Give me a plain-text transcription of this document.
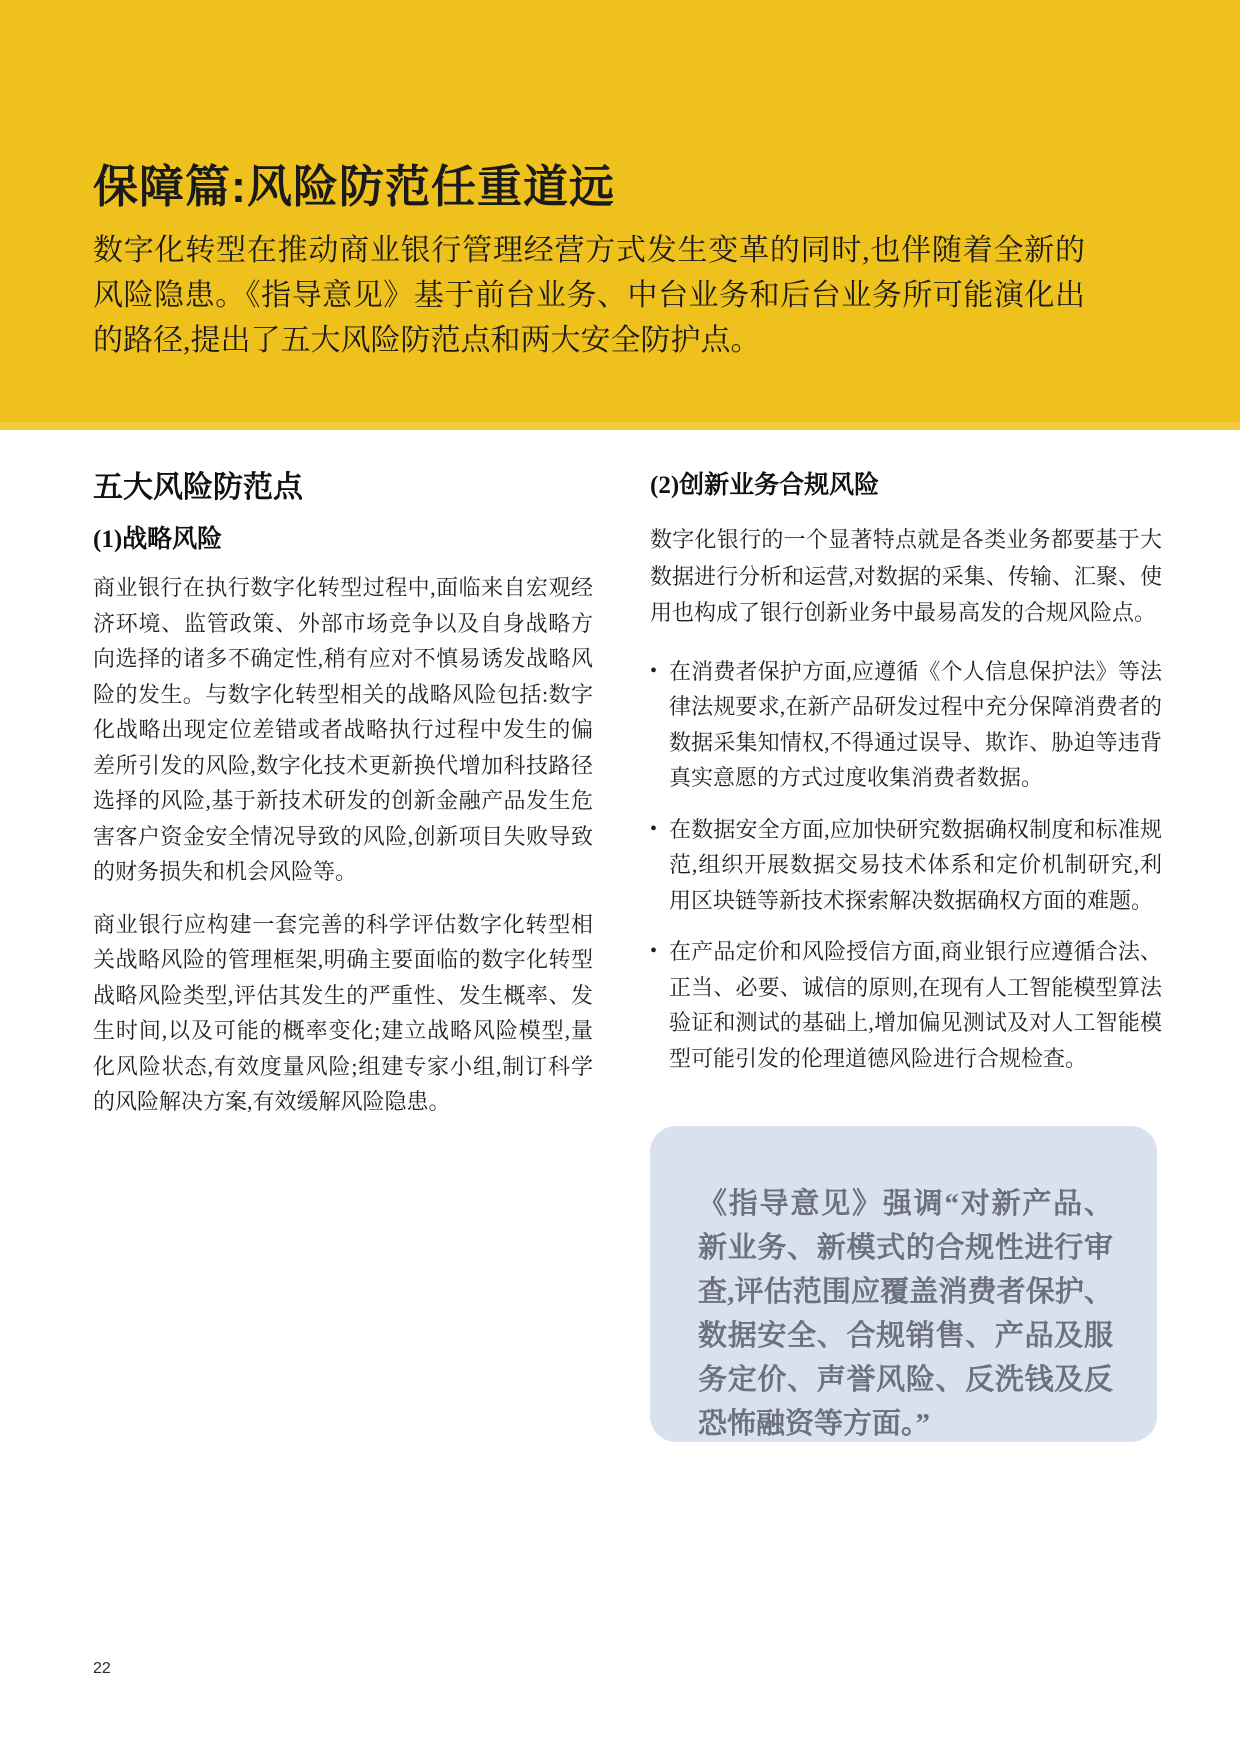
保障篇:风险防范任重道远

数字化转型在推动商业银行管理经营方式发生变革的同时,也伴随着全新的风险隐患。《指导意见》基于前台业务、中台业务和后台业务所可能演化出的路径,提出了五大风险防范点和两大安全防护点。

五大风险防范点
(1)战略风险

商业银行在执行数字化转型过程中,面临来自宏观经济环境、监管政策、外部市场竞争以及自身战略方向选择的诸多不确定性,稍有应对不慎易诱发战略风险的发生。与数字化转型相关的战略风险包括:数字化战略出现定位差错或者战略执行过程中发生的偏差所引发的风险,数字化技术更新换代增加科技路径选择的风险,基于新技术研发的创新金融产品发生危害客户资金安全情况导致的风险,创新项目失败导致的财务损失和机会风险等。

商业银行应构建一套完善的科学评估数字化转型相关战略风险的管理框架,明确主要面临的数字化转型战略风险类型,评估其发生的严重性、发生概率、发生时间,以及可能的概率变化;建立战略风险模型,量化风险状态,有效度量风险;组建专家小组,制订科学的风险解决方案,有效缓解风险隐患。

(2)创新业务合规风险

数字化银行的一个显著特点就是各类业务都要基于大数据进行分析和运营,对数据的采集、传输、汇聚、使用也构成了银行创新业务中最易高发的合规风险点。

• 在消费者保护方面,应遵循《个人信息保护法》等法律法规要求,在新产品研发过程中充分保障消费者的数据采集知情权,不得通过误导、欺诈、胁迫等违背真实意愿的方式过度收集消费者数据。
• 在数据安全方面,应加快研究数据确权制度和标准规范,组织开展数据交易技术体系和定价机制研究,利用区块链等新技术探索解决数据确权方面的难题。
• 在产品定价和风险授信方面,商业银行应遵循合法、正当、必要、诚信的原则,在现有人工智能模型算法验证和测试的基础上,增加偏见测试及对人工智能模型可能引发的伦理道德风险进行合规检查。

《指导意见》强调“对新产品、新业务、新模式的合规性进行审查,评估范围应覆盖消费者保护、数据安全、合规销售、产品及服务定价、声誉风险、反洗钱及反恐怖融资等方面。”

22
